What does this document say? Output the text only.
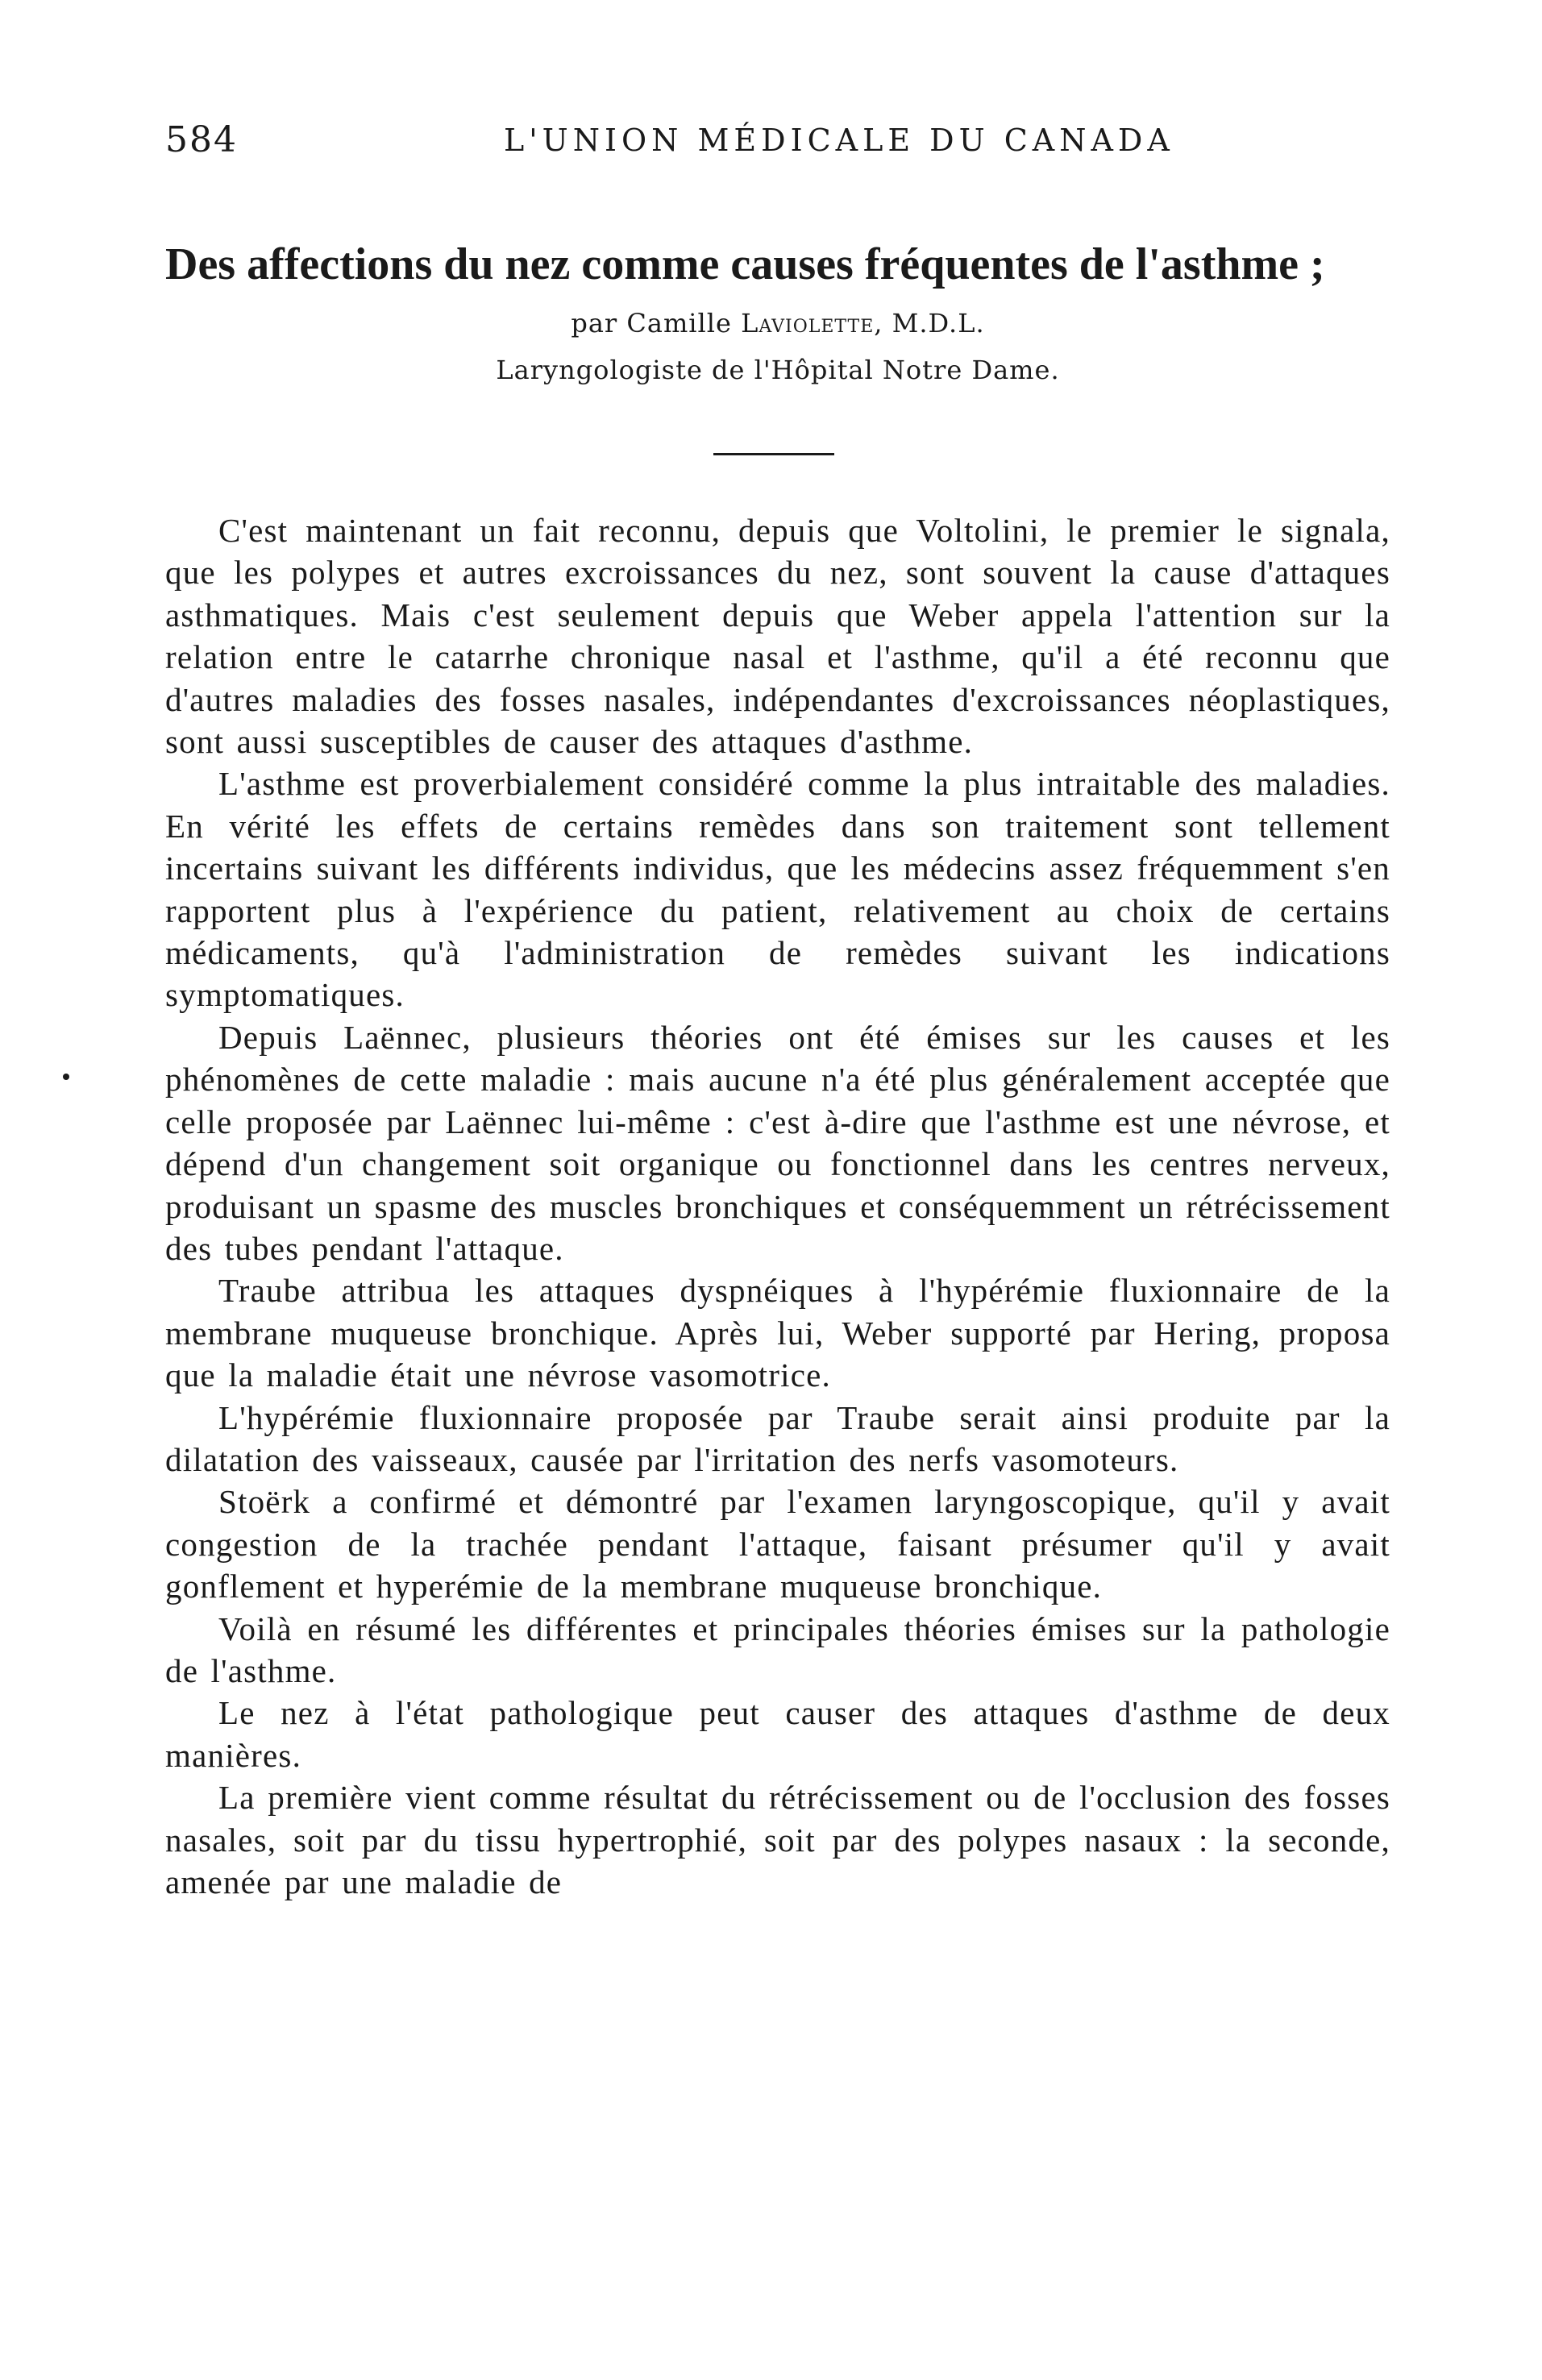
584	L'UNION MÉDICALE DU CANADA
Des affections du nez comme causes fréquentes de l'asthme ;
par Camille Laviolette, M.D.L.
Laryngologiste de l'Hôpital Notre Dame.

C'est maintenant un fait reconnu, depuis que Voltolini, le premier le signala, que les polypes et autres excroissances du nez, sont souvent la cause d'attaques asthmatiques. Mais c'est seulement depuis que Weber appela l'attention sur la relation entre le catarrhe chronique nasal et l'asthme, qu'il a été reconnu que d'autres maladies des fosses nasales, indépendantes d'excroissances néoplastiques, sont aussi susceptibles de causer des attaques d'asthme.

L'asthme est proverbialement considéré comme la plus intraitable des maladies. En vérité les effets de certains remèdes dans son traitement sont tellement incertains suivant les différents individus, que les médecins assez fréquemment s'en rapportent plus à l'expérience du patient, relativement au choix de certains médicaments, qu'à l'administration de remèdes suivant les indications symptomatiques.

Depuis Laënnec, plusieurs théories ont été émises sur les causes et les phénomènes de cette maladie : mais aucune n'a été plus généralement acceptée que celle proposée par Laënnec lui-même : c'est à-dire que l'asthme est une névrose, et dépend d'un changement soit organique ou fonctionnel dans les centres nerveux, produisant un spasme des muscles bronchiques et conséquemment un rétrécissement des tubes pendant l'attaque.

Traube attribua les attaques dyspnéiques à l'hypérémie fluxionnaire de la membrane muqueuse bronchique. Après lui, Weber supporté par Hering, proposa que la maladie était une névrose vasomotrice.

L'hypérémie fluxionnaire proposée par Traube serait ainsi produite par la dilatation des vaisseaux, causée par l'irritation des nerfs vasomoteurs.

Stoërk a confirmé et démontré par l'examen laryngoscopique, qu'il y avait congestion de la trachée pendant l'attaque, faisant présumer qu'il y avait gonflement et hyperémie de la membrane muqueuse bronchique.

Voilà en résumé les différentes et principales théories émises sur la pathologie de l'asthme.

Le nez à l'état pathologique peut causer des attaques d'asthme de deux manières.

La première vient comme résultat du rétrécissement ou de l'occlusion des fosses nasales, soit par du tissu hypertrophié, soit par des polypes nasaux : la seconde, amenée par une maladie de
